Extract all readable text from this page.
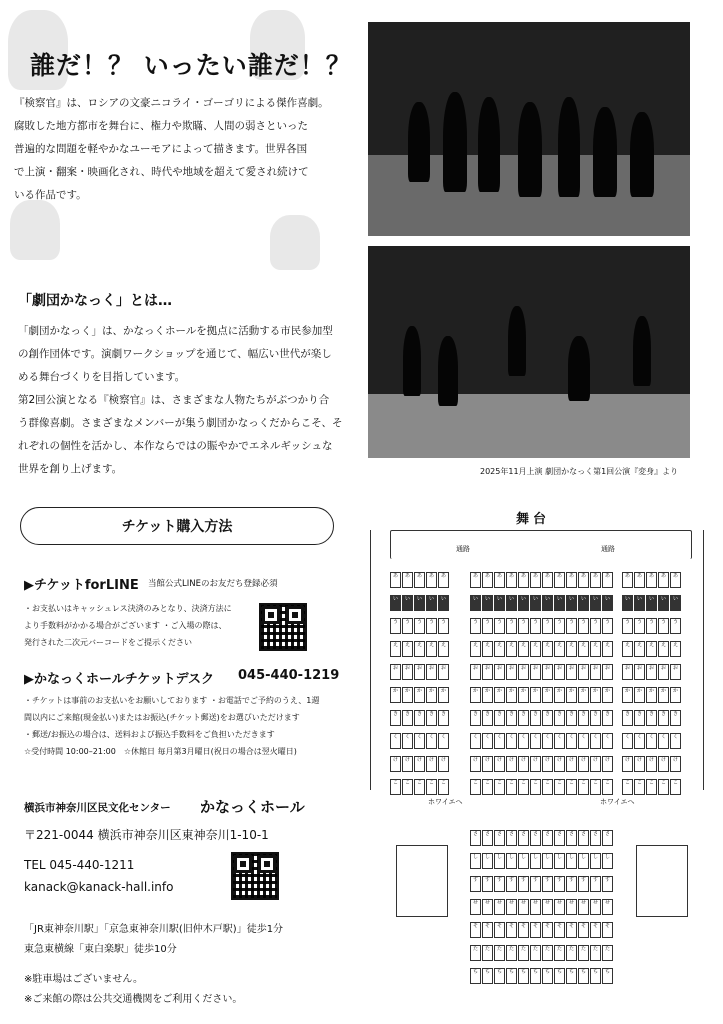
誰だ！？ いったい誰だ！？
『検察官』は、ロシアの文豪ニコライ・ゴーゴリによる傑作喜劇。
腐敗した地方都市を舞台に、権力や欺瞞、人間の弱さといった
普遍的な問題を軽やかなユーモアによって描きます。世界各国
で上演・翻案・映画化され、時代や地域を超えて愛され続けて
いる作品です。
「劇団かなっく」とは…
「劇団かなっく」は、かなっくホールを拠点に活動する市民参加型
の創作団体です。演劇ワークショップを通じて、幅広い世代が楽し
める舞台づくりを目指しています。
第2回公演となる『検察官』は、さまざまな人物たちがぶつかり合
う群像喜劇。さまざまなメンバーが集う劇団かなっくだからこそ、そ
れぞれの個性を活かし、本作ならではの賑やかでエネルギッシュな
世界を創り上げます。	2025年11月上演 劇団かなっく第1回公演『変身』より
チケット購入方法
▶チケットforLINE 当館公式LINEのお友だち登録必須
・お支払いはキャッシュレス決済のみとなり、決済方法に
より手数料がかかる場合がございます ・ご入場の際は、
発行された二次元バーコードをご提示ください
▶かなっくホールチケットデスク 045-440-1219
・チケットは事前のお支払いをお願いしております ・お電話でご予約のうえ、1週
間以内にご来館(現金払い)またはお振込(チケット郵送)をお選びいただけます
・郵送/お振込の場合は、送料および振込手数料をご負担いただきます
☆受付時間 10:00–21:00　☆休館日 毎月第3月曜日(祝日の場合は翌火曜日)
横浜市神奈川区民文化センター かなっくホール
〒221-0044 横浜市神奈川区東神奈川1-10-1
TEL 045-440-1211
kanack@kanack-hall.info
「JR東神奈川駅」「京急東神奈川駅(旧仲木戸駅)」徒歩1分
東急東横線「東白楽駅」徒歩10分
※駐車場はございません。
※ご来館の際は公共交通機関をご利用ください。
舞台
通路	通路
あ	あ	あ	あ	あ	あ	あ	あ	あ	あ	あ	あ	あ	あ	あ	あ	あ	あ	あ	あ	あ	あ
い	い	い	い	い	い	い	い	い	い	い	い	い	い	い	い	い	い	い	い	い	い
う	う	う	う	う	う	う	う	う	う	う	う	う	う	う	う	う	う	う	う	う	う
え	え	え	え	え	え	え	え	え	え	え	え	え	え	え	え	え	え	え	え	え	え
お	お	お	お	お	お	お	お	お	お	お	お	お	お	お	お	お	お	お	お	お	お
か	か	か	か	か	か	か	か	か	か	か	か	か	か	か	か	か	か	か	か	か	か
き	き	き	き	き	き	き	き	き	き	き	き	き	き	き	き	き	き	き	き	き	き
く	く	く	く	く	く	く	く	く	く	く	く	く	く	く	く	く	く	く	く	く	く
け	け	け	け	け	け	け	け	け	け	け	け	け	け	け	け	け	け	け	け	け	け
こ	こ	こ	こ	こ	こ	こ	こ	こ	こ	こ	こ	こ	こ	こ	こ	こ	こ	こ	こ	こ	こ
ホワイエへ	ホワイエへ
さ	さ	さ	さ	さ	さ	さ	さ	さ	さ	さ	さ
し	し	し	し	し	し	し	し	し	し	し	し
す	す	す	す	す	す	す	す	す	す	す	す
せ	せ	せ	せ	せ	せ	せ	せ	せ	せ	せ	せ
そ	そ	そ	そ	そ	そ	そ	そ	そ	そ	そ	そ
た	た	た	た	た	た	た	た	た	た	た	た
ち	ち	ち	ち	ち	ち	ち	ち	ち	ち	ち	ち
